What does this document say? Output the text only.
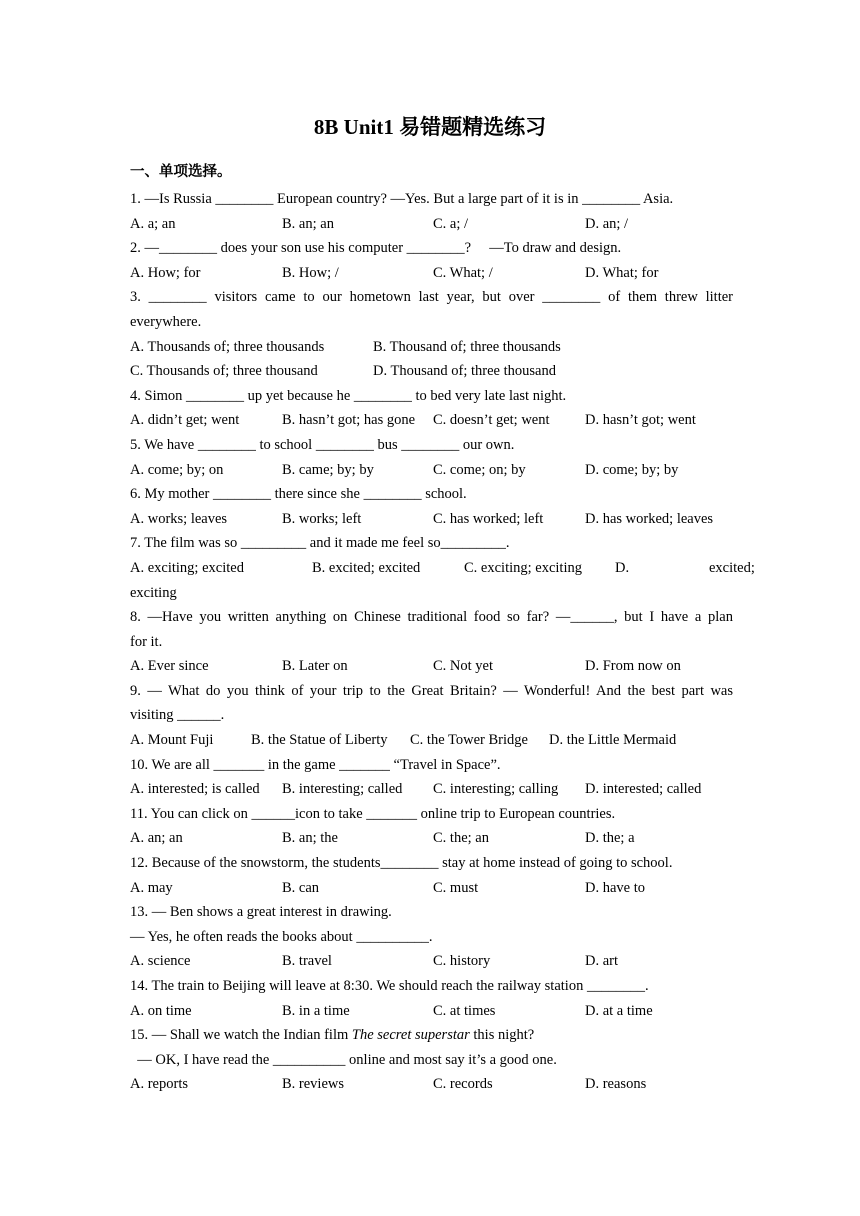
8B Unit1 易错题精选练习
一、单项选择。
1. —Is Russia ________ European country? —Yes. But a large part of it is in ________ Asia.
A. a; an	B. an; an	C. a; /	D. an; /
2. —________ does your son use his computer ________?     —To draw and design.
A. How; for	B. How; /	C. What; /	D. What; for
3. ________ visitors came to our hometown last year, but over ________ of them threw litter
everywhere.
A. Thousands of; three thousands	B. Thousand of; three thousands
C. Thousands of; three thousand	D. Thousand of; three thousand
4. Simon ________ up yet because he ________ to bed very late last night.
A. didn’t get; went	B. hasn’t got; has gone C. doesn’t get; went D. hasn’t got; went
5. We have ________ to school ________ bus ________ our own.
A. come; by; on	B. came; by; by	C. come; on; by	D. come; by; by
6. My mother ________ there since she ________ school.
A. works; leaves	B. works; left	C. has worked; left	D. has worked; leaves
7. The film was so _________ and it made me feel so_________.
A. exciting; excited	B. excited; excited	C. exciting; exciting D.	excited;
exciting
8. —Have you written anything on Chinese traditional food so far? —______, but I have a plan
for it.
A. Ever since	B. Later on	C. Not yet	D. From now on
9. — What do you think of your trip to the Great Britain? — Wonderful! And the best part was
visiting ______.
A. Mount Fuji	B. the Statue of Liberty C. the Tower Bridge D. the Little Mermaid
10. We are all _______ in the game _______ “Travel in Space”.
A. interested; is called B. interesting; called C. interesting; calling D. interested; called
11. You can click on ______icon to take _______ online trip to European countries.
A. an; an	B. an; the	C. the; an	D. the; a
12. Because of the snowstorm, the students________ stay at home instead of going to school.
A. may	B. can	C. must	D. have to
13. — Ben shows a great interest in drawing.
— Yes, he often reads the books about __________.
A. science	B. travel	C. history	D. art
14. The train to Beijing will leave at 8:30. We should reach the railway station ________.
A. on time	B. in a time	C. at times	D. at a time
15. — Shall we watch the Indian film The secret superstar this night?
— OK, I have read the __________ online and most say it’s a good one.
A. reports	B. reviews	C. records	D. reasons
